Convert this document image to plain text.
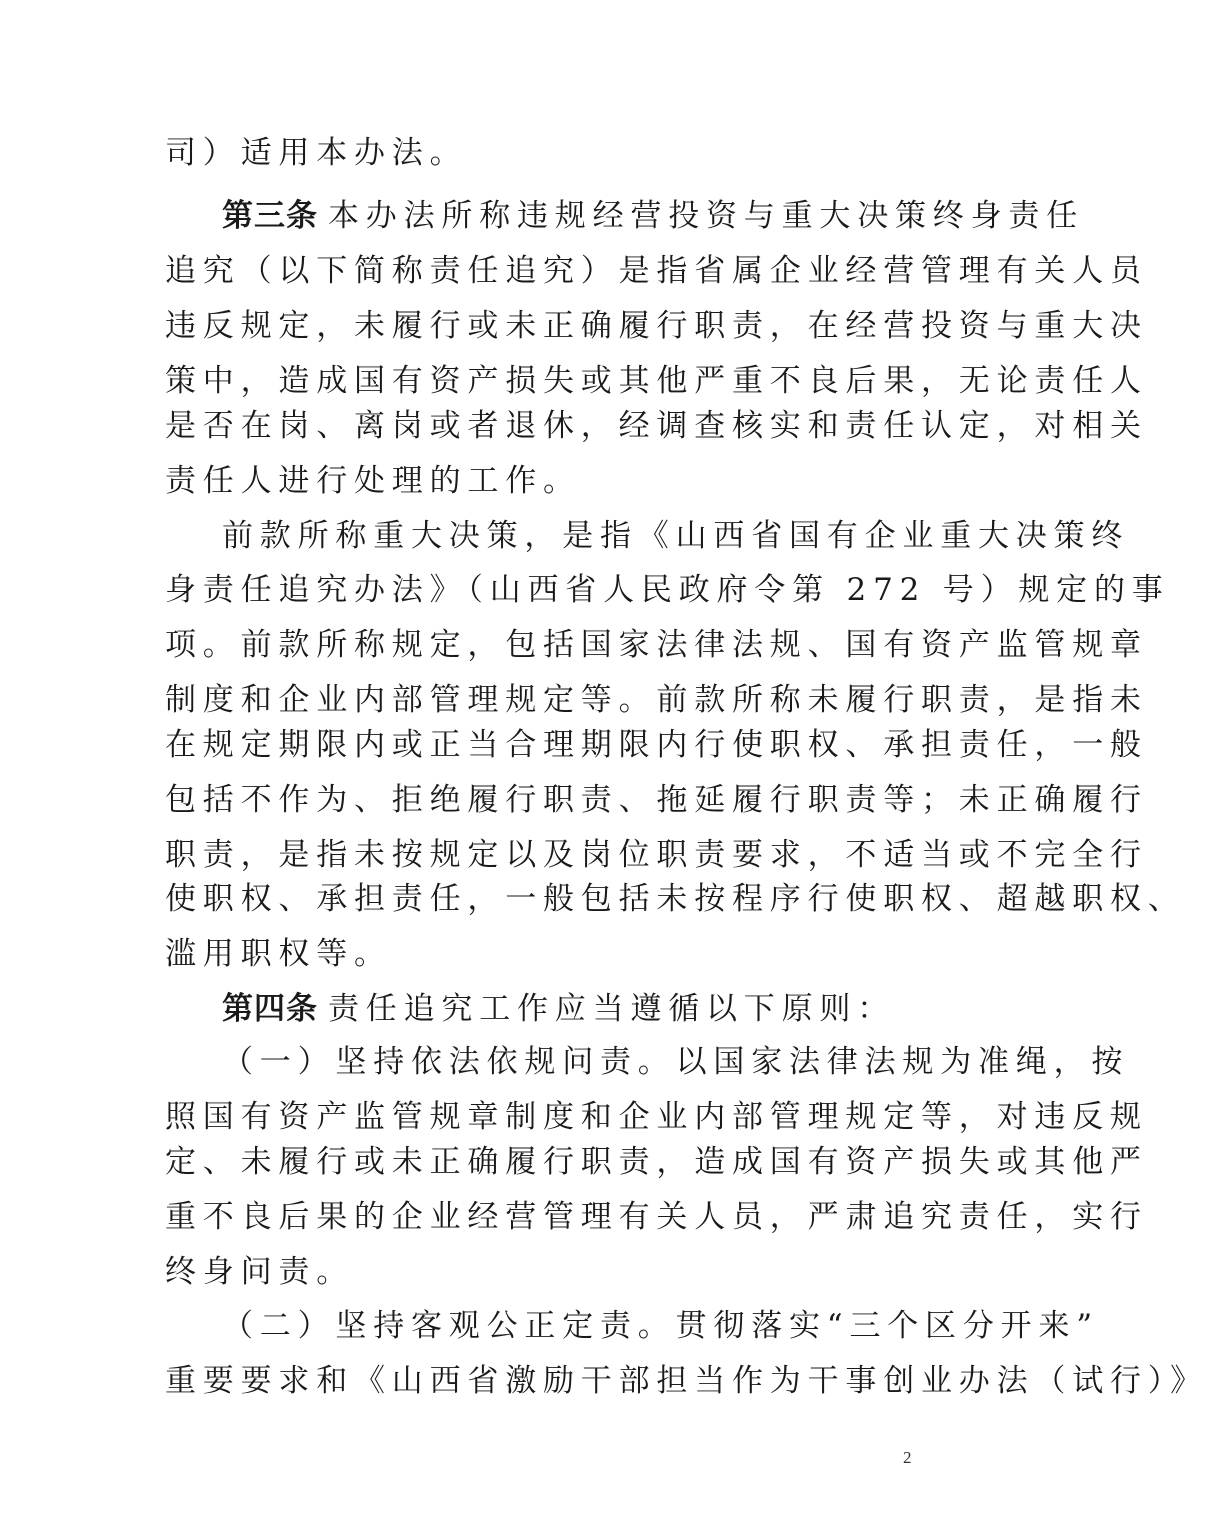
司）适用本办法。
第三条 本办法所称违规经营投资与重大决策终身责任
追究（以下简称责任追究）是指省属企业经营管理有关人员
违反规定，未履行或未正确履行职责，在经营投资与重大决
策中，造成国有资产损失或其他严重不良后果，无论责任人
是否在岗、离岗或者退休，经调查核实和责任认定，对相关
责任人进行处理的工作。
前款所称重大决策，是指《山西省国有企业重大决策终
身责任追究办法》（山西省人民政府令第 272 号）规定的事
项。前款所称规定，包括国家法律法规、国有资产监管规章
制度和企业内部管理规定等。前款所称未履行职责，是指未
在规定期限内或正当合理期限内行使职权、承担责任，一般
包括不作为、拒绝履行职责、拖延履行职责等；未正确履行
职责，是指未按规定以及岗位职责要求，不适当或不完全行
使职权、承担责任，一般包括未按程序行使职权、超越职权、
滥用职权等。
第四条 责任追究工作应当遵循以下原则：
（一）坚持依法依规问责。以国家法律法规为准绳，按
照国有资产监管规章制度和企业内部管理规定等，对违反规
定、未履行或未正确履行职责，造成国有资产损失或其他严
重不良后果的企业经营管理有关人员，严肃追究责任，实行
终身问责。
（二）坚持客观公正定责。贯彻落实“三个区分开来”
重要要求和《山西省激励干部担当作为干事创业办法（试行）》
2
